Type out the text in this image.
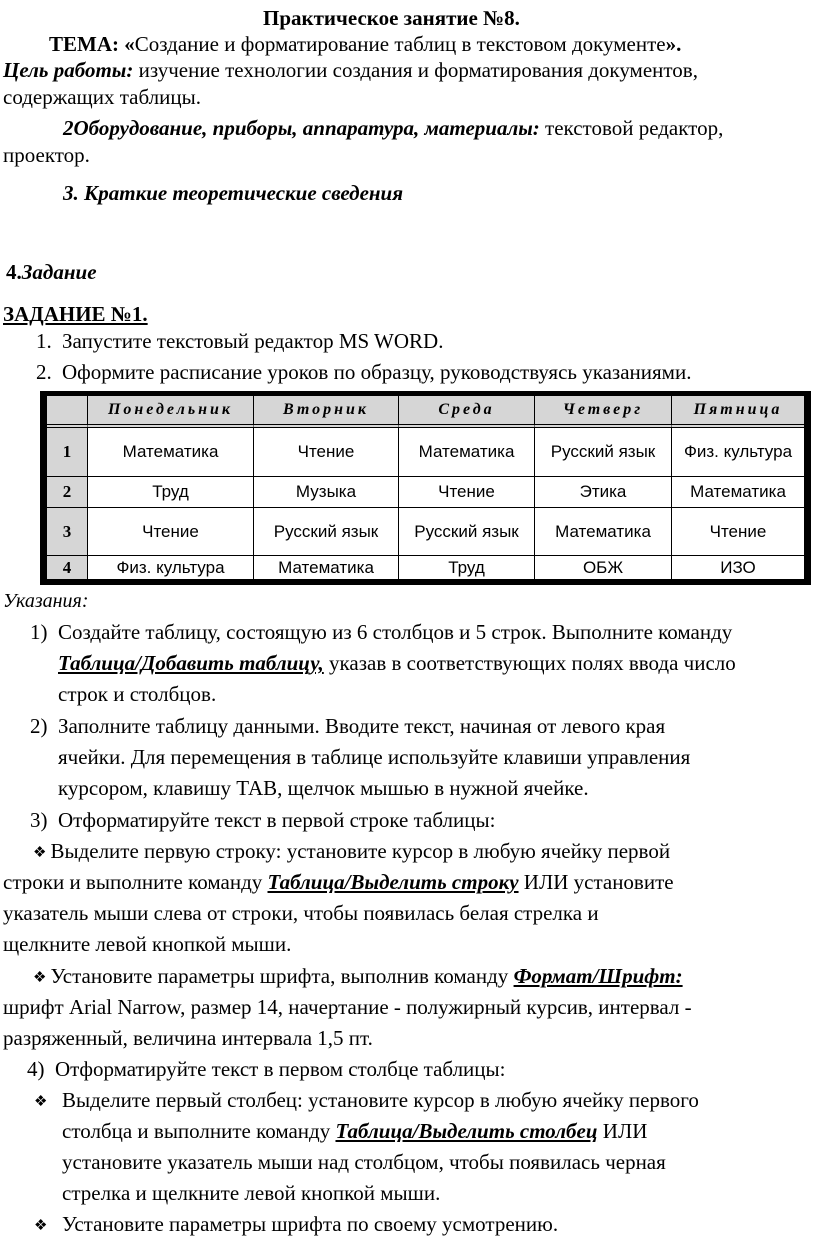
Практическое занятие №8.
ТЕМА: «Создание и форматирование таблиц в текстовом документе».
Цель работы: изучение технологии создания и форматирования документов,
содержащих таблицы.
2Оборудование, приборы, аппаратура, материалы: текстовой редактор,
проектор.
3. Краткие теоретические сведения
4.Задание
ЗАДАНИЕ №1.
1. Запустите текстовый редактор MS WORD.
2. Оформите расписание уроков по образцу, руководствуясь указаниями.
	Понедельник	Вторник	Среда	Четверг	Пятница
1	Математика	Чтение	Математика	Русский язык	Физ. культура
2	Труд	Музыка	Чтение	Этика	Математика
3	Чтение	Русский язык	Русский язык	Математика	Чтение
4	Физ. культура	Математика	Труд	ОБЖ	ИЗО
Указания:
1) Создайте таблицу, состоящую из 6 столбцов и 5 строк. Выполните команду
Таблица/Добавить таблицу, указав в соответствующих полях ввода число
строк и столбцов.
2) Заполните таблицу данными. Вводите текст, начиная от левого края
ячейки. Для перемещения в таблице используйте клавиши управления
курсором, клавишу ТАВ, щелчок мышью в нужной ячейке.
3) Отформатируйте текст в первой строке таблицы:
❖ Выделите первую строку: установите курсор в любую ячейку первой
строки и выполните команду Таблица/Выделить строку ИЛИ установите
указатель мыши слева от строки, чтобы появилась белая стрелка и
щелкните левой кнопкой мыши.
❖ Установите параметры шрифта, выполнив команду Формат/Шрифт:
шрифт Arial Narrow, размер 14, начертание - полужирный курсив, интервал -
разряженный, величина интервала 1,5 пт.
4) Отформатируйте текст в первом столбце таблицы:
❖ Выделите первый столбец: установите курсор в любую ячейку первого
столбца и выполните команду Таблица/Выделить столбец ИЛИ
установите указатель мыши над столбцом, чтобы появилась черная
стрелка и щелкните левой кнопкой мыши.
❖ Установите параметры шрифта по своему усмотрению.
